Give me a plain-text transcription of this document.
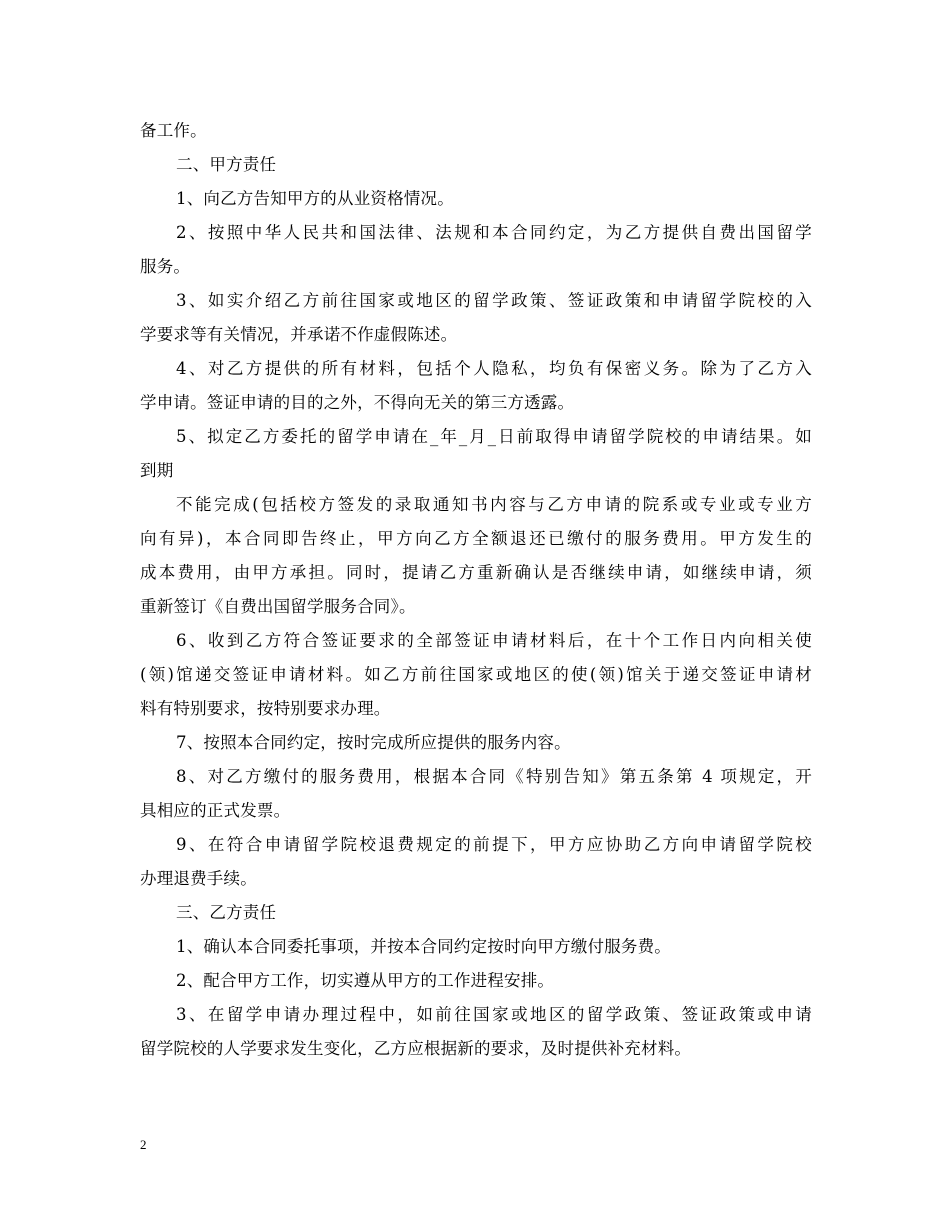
备工作。
二、甲方责任
1、向乙方告知甲方的从业资格情况。
2、按照中华人民共和国法律、法规和本合同约定，为乙方提供自费出国留学
服务。
3、如实介绍乙方前往国家或地区的留学政策、签证政策和申请留学院校的入
学要求等有关情况，并承诺不作虚假陈述。
4、对乙方提供的所有材料，包括个人隐私，均负有保密义务。除为了乙方入
学申请。签证申请的目的之外，不得向无关的第三方透露。
5、拟定乙方委托的留学申请在_年_月_日前取得申请留学院校的申请结果。如
到期
不能完成(包括校方签发的录取通知书内容与乙方申请的院系或专业或专业方
向有异)，本合同即告终止，甲方向乙方全额退还已缴付的服务费用。甲方发生的
成本费用，由甲方承担。同时，提请乙方重新确认是否继续申请，如继续申请，须
重新签订《自费出国留学服务合同》。
6、收到乙方符合签证要求的全部签证申请材料后，在十个工作日内向相关使
(领)馆递交签证申请材料。如乙方前往国家或地区的使(领)馆关于递交签证申请材
料有特别要求，按特别要求办理。
7、按照本合同约定，按时完成所应提供的服务内容。
8、对乙方缴付的服务费用，根据本合同《特别告知》第五条第 4 项规定，开
具相应的正式发票。
9、在符合申请留学院校退费规定的前提下，甲方应协助乙方向申请留学院校
办理退费手续。
三、乙方责任
1、确认本合同委托事项，并按本合同约定按时向甲方缴付服务费。
2、配合甲方工作，切实遵从甲方的工作进程安排。
3、在留学申请办理过程中，如前往国家或地区的留学政策、签证政策或申请
留学院校的人学要求发生变化，乙方应根据新的要求，及时提供补充材料。
2
